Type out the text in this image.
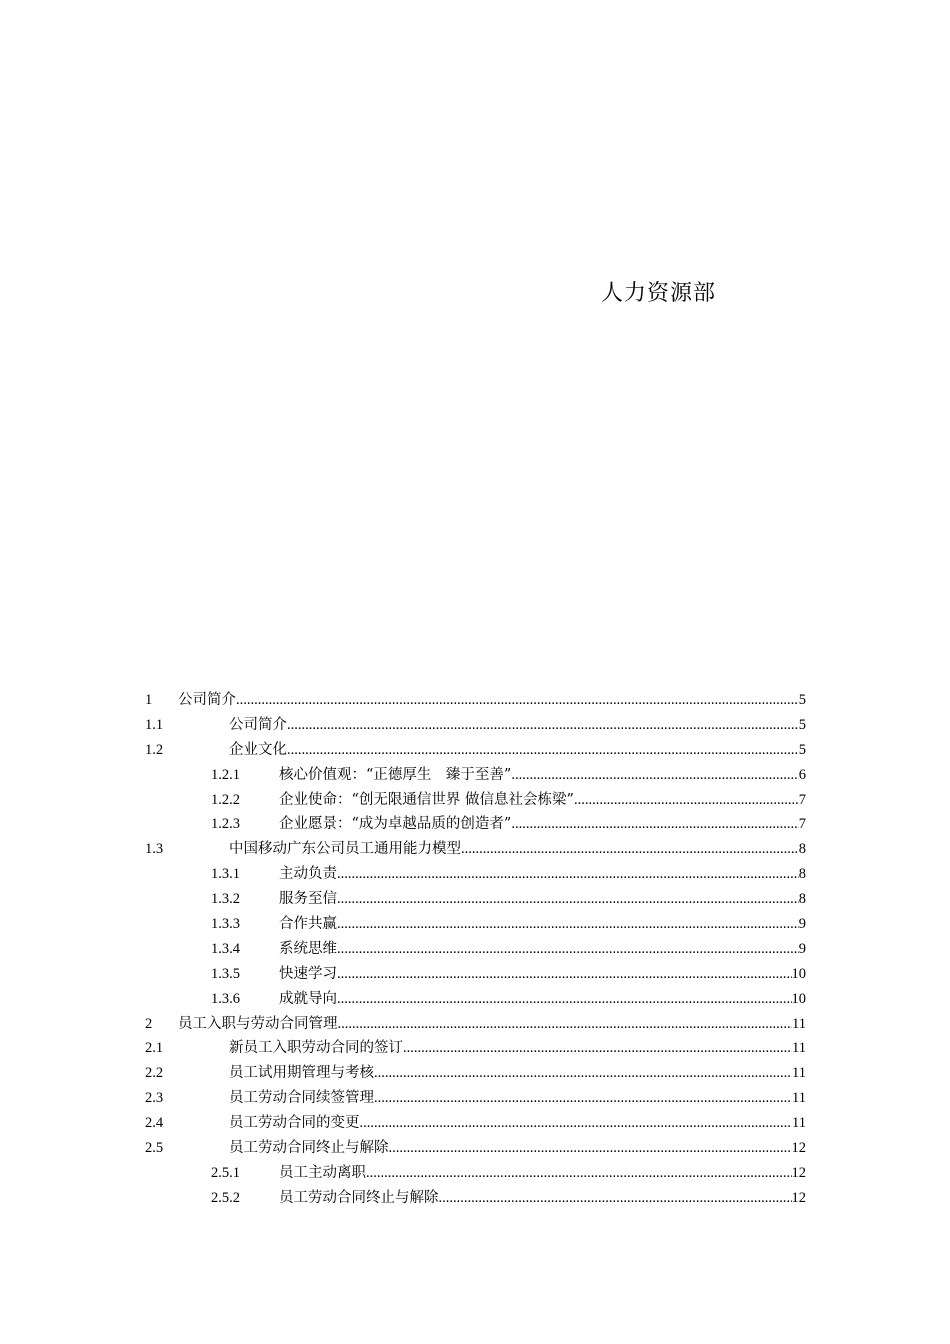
人力资源部
1 公司简介 .....	5
1.1	公司简介 .....	5
1.2	企业文化 .....	5
1.2.1	核心价值观：“正德厚生　臻于至善” .....	6
1.2.2	企业使命：“创无限通信世界 做信息社会栋梁” .....	7
1.2.3	企业愿景：“成为卓越品质的创造者” .....	7
1.3	中国移动广东公司员工通用能力模型 .....	8
1.3.1	主动负责 .....	8
1.3.2	服务至信 .....	8
1.3.3	合作共赢 .....	9
1.3.4	系统思维 .....	9
1.3.5	快速学习 .....	10
1.3.6	成就导向 .....	10
2 员工入职与劳动合同管理 .....	11
2.1	新员工入职劳动合同的签订 .....	11
2.2	员工试用期管理与考核 .....	11
2.3	员工劳动合同续签管理 .....	11
2.4	员工劳动合同的变更 .....	11
2.5	员工劳动合同终止与解除 .....	12
2.5.1	员工主动离职 .....	12
2.5.2	员工劳动合同终止与解除 .....	12
